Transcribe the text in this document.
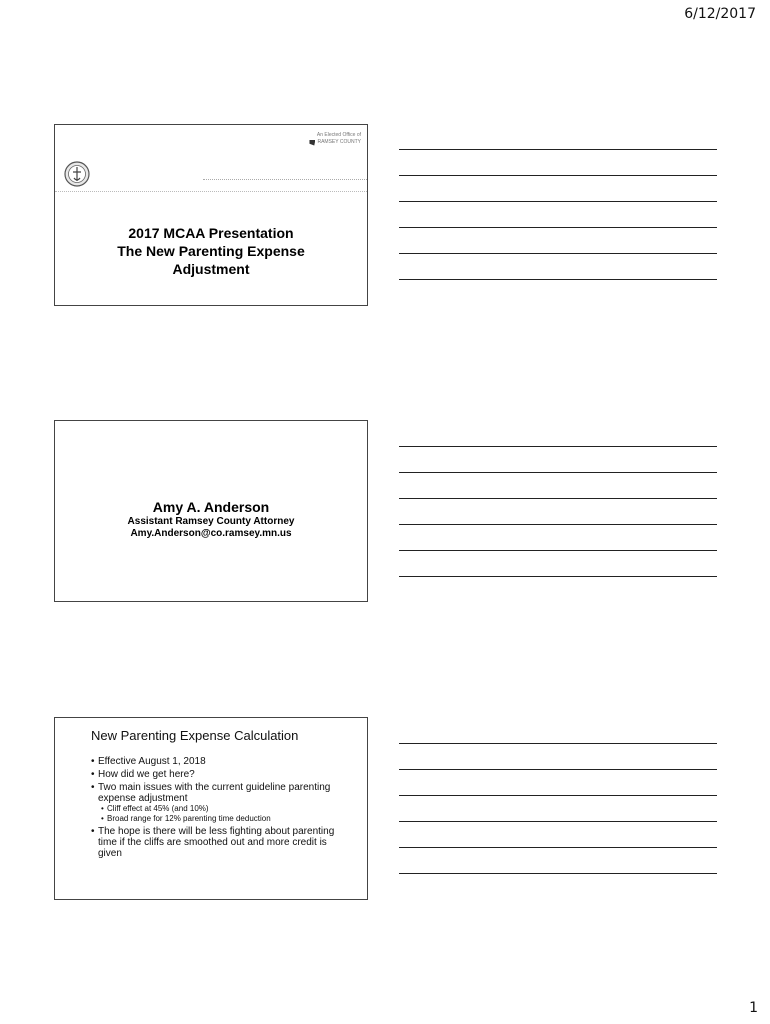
6/12/2017
An Elected Office of
RAMSEY COUNTY
2017 MCAA Presentation
The New Parenting Expense
Adjustment
Amy A. Anderson
Assistant Ramsey County Attorney
Amy.Anderson@co.ramsey.mn.us
New Parenting Expense Calculation
• Effective August 1, 2018
• How did we get here?
• Two main issues with the current guideline parenting expense adjustment
• Cliff effect at 45% (and 10%)
• Broad range for 12% parenting time deduction
• The hope is there will be less fighting about parenting time if the cliffs are smoothed out and more credit is given
1
